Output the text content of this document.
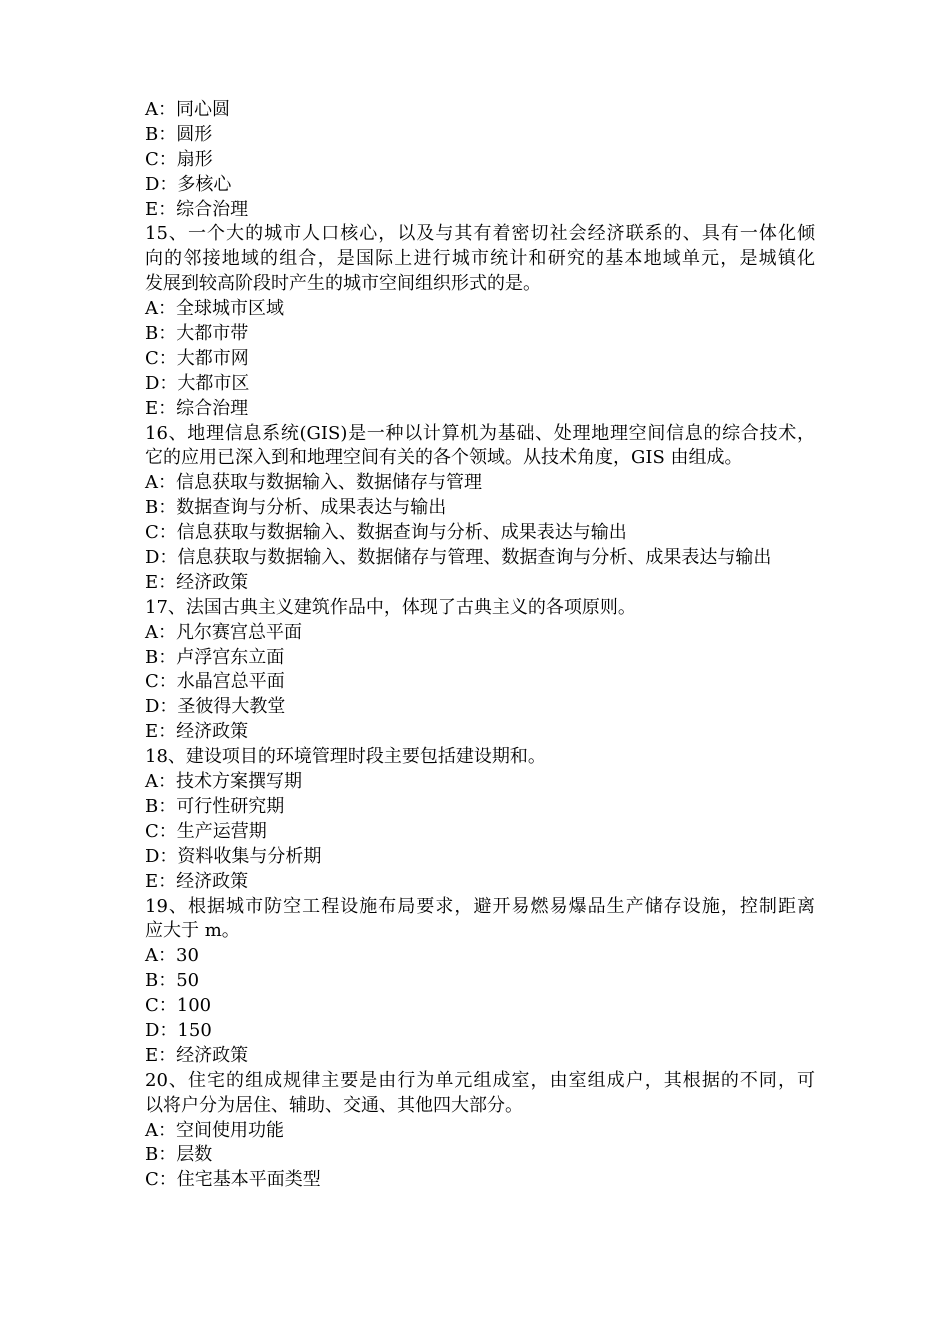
A：同心圆
B：圆形
C：扇形
D：多核心
E：综合治理
15、一个大的城市人口核心，以及与其有着密切社会经济联系的、具有一体化倾
向的邻接地域的组合，是国际上进行城市统计和研究的基本地域单元，是城镇化
发展到较高阶段时产生的城市空间组织形式的是。
A：全球城市区域
B：大都市带
C：大都市网
D：大都市区
E：综合治理
16、地理信息系统(GIS)是一种以计算机为基础、处理地理空间信息的综合技术，
它的应用已深入到和地理空间有关的各个领域。从技术角度，GIS 由组成。
A：信息获取与数据输入、数据储存与管理
B：数据查询与分析、成果表达与输出
C：信息获取与数据输入、数据查询与分析、成果表达与输出
D：信息获取与数据输入、数据储存与管理、数据查询与分析、成果表达与输出
E：经济政策
17、法国古典主义建筑作品中，体现了古典主义的各项原则。
A：凡尔赛宫总平面
B：卢浮宫东立面
C：水晶宫总平面
D：圣彼得大教堂
E：经济政策
18、建设项目的环境管理时段主要包括建设期和。
A：技术方案撰写期
B：可行性研究期
C：生产运营期
D：资料收集与分析期
E：经济政策
19、根据城市防空工程设施布局要求，避开易燃易爆品生产储存设施，控制距离
应大于 m。
A：30
B：50
C：100
D：150
E：经济政策
20、住宅的组成规律主要是由行为单元组成室，由室组成户，其根据的不同，可
以将户分为居住、辅助、交通、其他四大部分。
A：空间使用功能
B：层数
C：住宅基本平面类型
